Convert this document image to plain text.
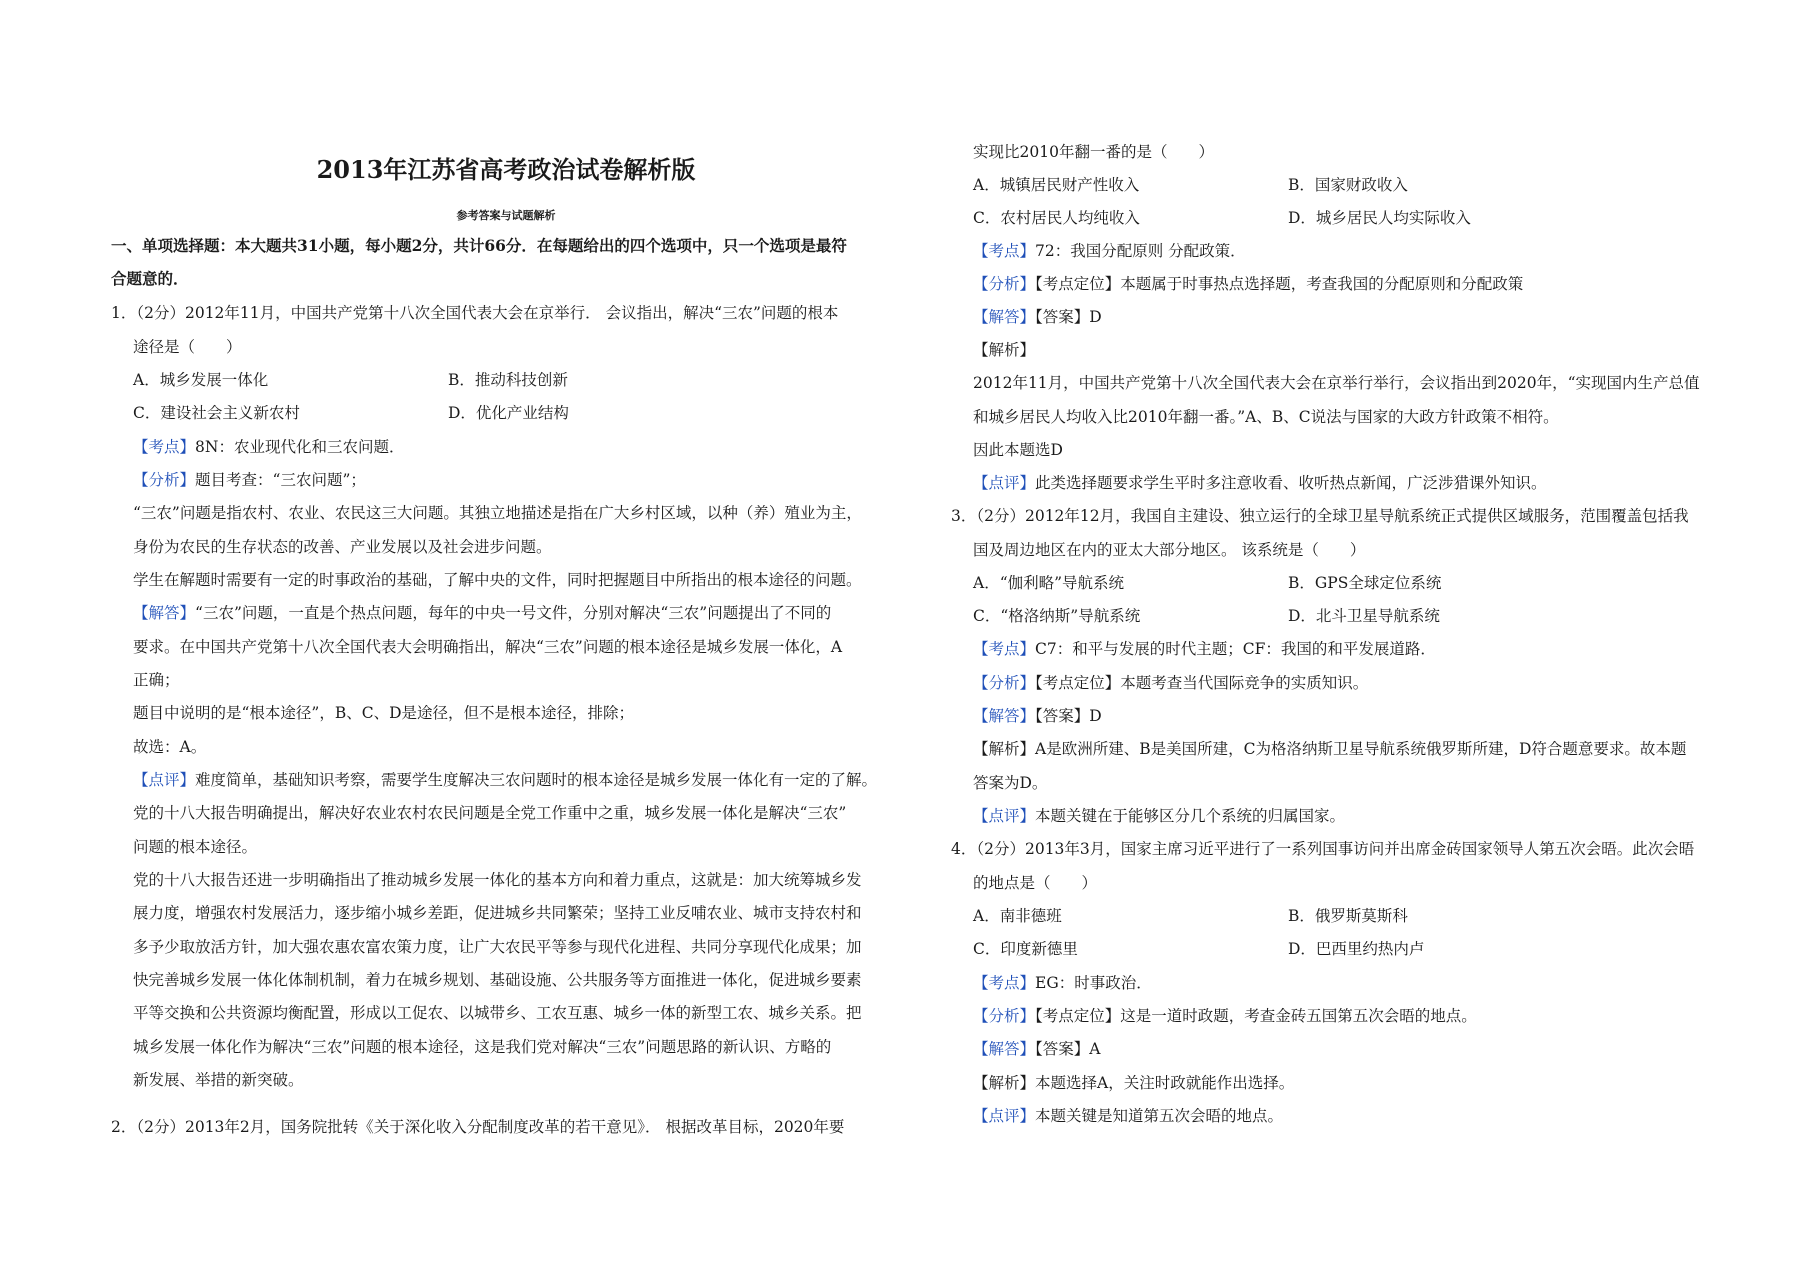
2013年江苏省高考政治试卷解析版
参考答案与试题解析
一、单项选择题：本大题共31小题，每小题2分，共计66分．在每题给出的四个选项中，只一个选项是最符
合题意的．
1．（2分）2012年11月，中国共产党第十八次全国代表大会在京举行． 会议指出，解决“三农”问题的根本
途径是（　　）
A．城乡发展一体化	B．推动科技创新
C．建设社会主义新农村	D．优化产业结构
【考点】8N：农业现代化和三农问题．
【分析】题目考查：“三农问题”；
“三农”问题是指农村、农业、农民这三大问题。其独立地描述是指在广大乡村区域，以种（养）殖业为主，
身份为农民的生存状态的改善、产业发展以及社会进步问题。
学生在解题时需要有一定的时事政治的基础，了解中央的文件，同时把握题目中所指出的根本途径的问题。
【解答】“三农”问题，一直是个热点问题，每年的中央一号文件，分别对解决“三农”问题提出了不同的
要求。在中国共产党第十八次全国代表大会明确指出，解决“三农”问题的根本途径是城乡发展一体化，A
正确；
题目中说明的是“根本途径”，B、C、D是途径，但不是根本途径，排除；
故选：A。
【点评】难度简单，基础知识考察，需要学生度解决三农问题时的根本途径是城乡发展一体化有一定的了解。
党的十八大报告明确提出，解决好农业农村农民问题是全党工作重中之重，城乡发展一体化是解决“三农”
问题的根本途径。
党的十八大报告还进一步明确指出了推动城乡发展一体化的基本方向和着力重点，这就是：加大统筹城乡发
展力度，增强农村发展活力，逐步缩小城乡差距，促进城乡共同繁荣；坚持工业反哺农业、城市支持农村和
多予少取放活方针，加大强农惠农富农策力度，让广大农民平等参与现代化进程、共同分享现代化成果；加
快完善城乡发展一体化体制机制，着力在城乡规划、基础设施、公共服务等方面推进一体化，促进城乡要素
平等交换和公共资源均衡配置，形成以工促农、以城带乡、工农互惠、城乡一体的新型工农、城乡关系。把
城乡发展一体化作为解决“三农”问题的根本途径，这是我们党对解决“三农”问题思路的新认识、方略的
新发展、举措的新突破。
2．（2分）2013年2月，国务院批转《关于深化收入分配制度改革的若干意见》． 根据改革目标，2020年要
实现比2010年翻一番的是（　　）
A．城镇居民财产性收入	B．国家财政收入
C．农村居民人均纯收入	D．城乡居民人均实际收入
【考点】72：我国分配原则 分配政策．
【分析】【考点定位】本题属于时事热点选择题，考查我国的分配原则和分配政策
【解答】【答案】D
【解析】
2012年11月，中国共产党第十八次全国代表大会在京举行举行，会议指出到2020年，“实现国内生产总值
和城乡居民人均收入比2010年翻一番。”A、B、C说法与国家的大政方针政策不相符。
因此本题选D
【点评】此类选择题要求学生平时多注意收看、收听热点新闻，广泛涉猎课外知识。
3．（2分）2012年12月，我国自主建设、独立运行的全球卫星导航系统正式提供区域服务，范围覆盖包括我
国及周边地区在内的亚太大部分地区。 该系统是（　　）
A．“伽利略”导航系统	B．GPS全球定位系统
C．“格洛纳斯”导航系统	D．北斗卫星导航系统
【考点】C7：和平与发展的时代主题；CF：我国的和平发展道路．
【分析】【考点定位】本题考查当代国际竞争的实质知识。
【解答】【答案】D
【解析】A是欧洲所建、B是美国所建，C为格洛纳斯卫星导航系统俄罗斯所建，D符合题意要求。故本题
答案为D。
【点评】本题关键在于能够区分几个系统的归属国家。
4．（2分）2013年3月，国家主席习近平进行了一系列国事访问并出席金砖国家领导人第五次会晤。此次会晤
的地点是（　　）
A．南非德班	B．俄罗斯莫斯科
C．印度新德里	D．巴西里约热内卢
【考点】EG：时事政治．
【分析】【考点定位】这是一道时政题，考查金砖五国第五次会晤的地点。
【解答】【答案】A
【解析】本题选择A，关注时政就能作出选择。
【点评】本题关键是知道第五次会晤的地点。
